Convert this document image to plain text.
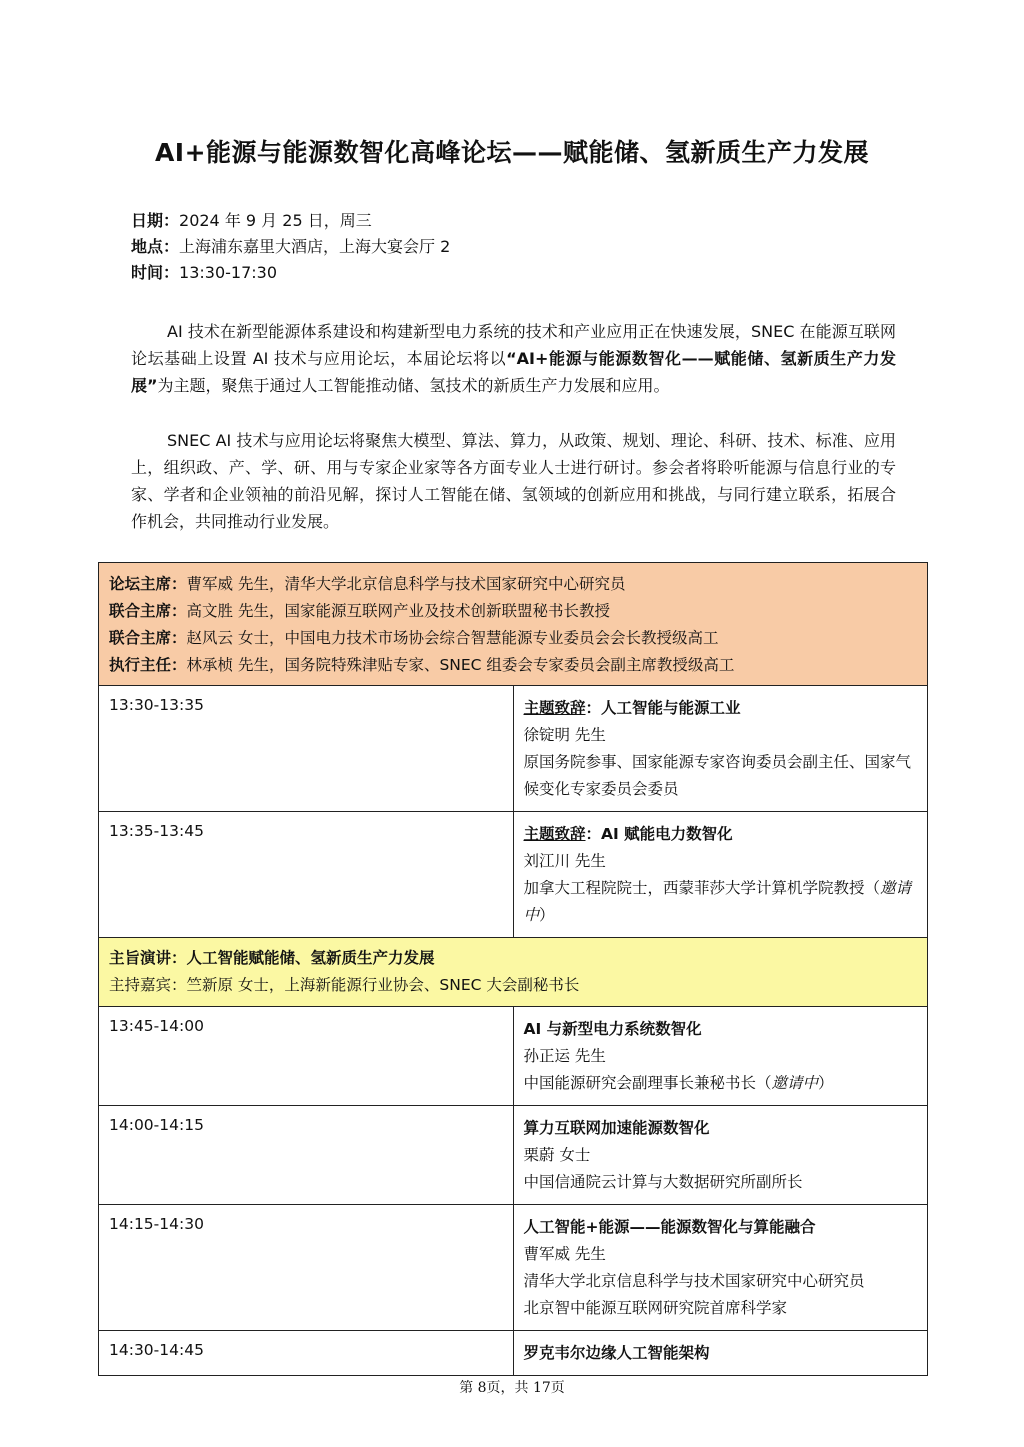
AI+能源与能源数智化高峰论坛——赋能储、氢新质生产力发展
日期：2024 年 9 月 25 日，周三
地点：上海浦东嘉里大酒店，上海大宴会厅 2
时间：13:30-17:30
AI 技术在新型能源体系建设和构建新型电力系统的技术和产业应用正在快速发展，SNEC 在能源互联网论坛基础上设置 AI 技术与应用论坛，本届论坛将以“AI+能源与能源数智化——赋能储、氢新质生产力发展”为主题，聚焦于通过人工智能推动储、氢技术的新质生产力发展和应用。
SNEC AI 技术与应用论坛将聚焦大模型、算法、算力，从政策、规划、理论、科研、技术、标准、应用上，组织政、产、学、研、用与专家企业家等各方面专业人士进行研讨。参会者将聆听能源与信息行业的专家、学者和企业领袖的前沿见解，探讨人工智能在储、氢领域的创新应用和挑战，与同行建立联系，拓展合作机会，共同推动行业发展。
论坛主席：曹军威 先生，清华大学北京信息科学与技术国家研究中心研究员
联合主席：高文胜 先生，国家能源互联网产业及技术创新联盟秘书长教授
联合主席：赵风云 女士，中国电力技术市场协会综合智慧能源专业委员会会长教授级高工
执行主任：林承桢 先生，国务院特殊津贴专家、SNEC 组委会专家委员会副主席教授级高工	

13:30-13:35	主题致辞：人工智能与能源工业
徐锭明 先生
原国务院参事、国家能源专家咨询委员会副主任、国家气候变化专家委员会委员

13:35-13:45	主题致辞：AI 赋能电力数智化
刘江川 先生
加拿大工程院院士，西蒙菲莎大学计算机学院教授（邀请中）

主旨演讲：人工智能赋能储、氢新质生产力发展
主持嘉宾：竺新原 女士，上海新能源行业协会、SNEC 大会副秘书长	

13:45-14:00	AI 与新型电力系统数智化
孙正运 先生
中国能源研究会副理事长兼秘书长（邀请中）

14:00-14:15	算力互联网加速能源数智化
栗蔚 女士
中国信通院云计算与大数据研究所副所长

14:15-14:30	人工智能+能源——能源数智化与算能融合
曹军威 先生
清华大学北京信息科学与技术国家研究中心研究员
北京智中能源互联网研究院首席科学家

14:30-14:45	罗克韦尔边缘人工智能架构
第 8页，共 17页
